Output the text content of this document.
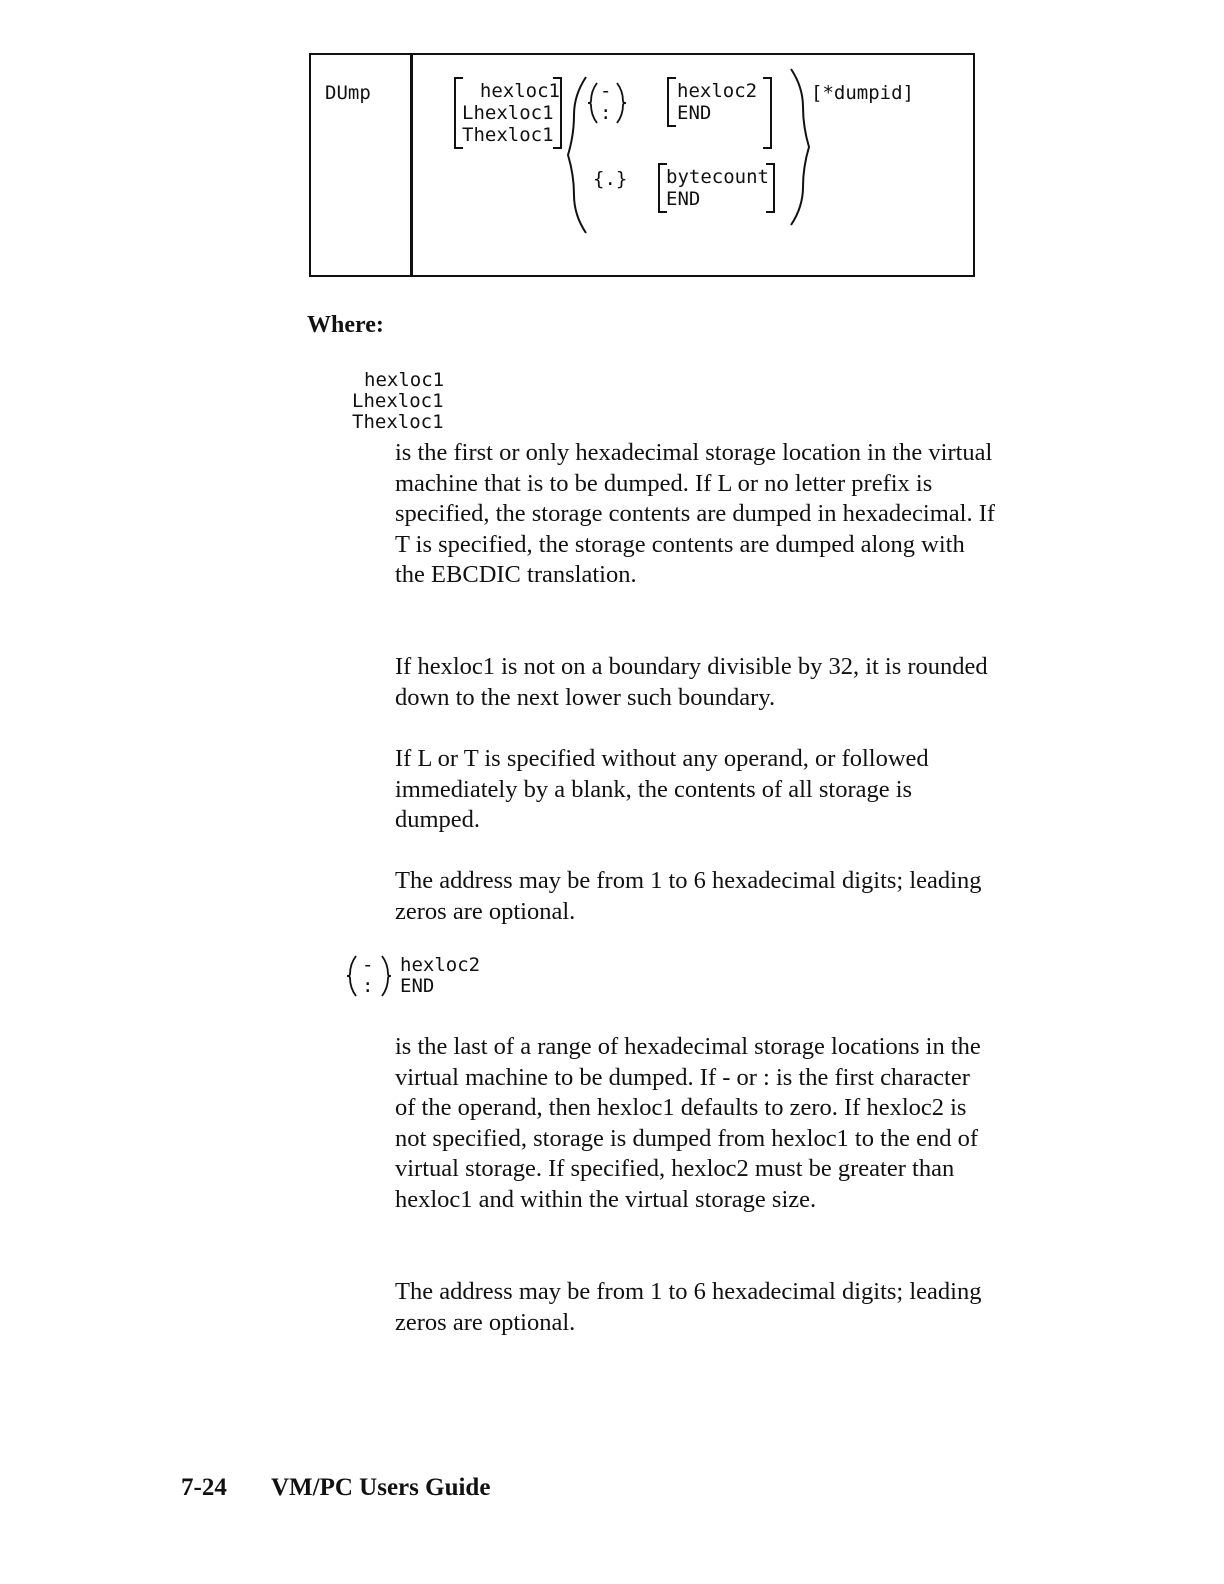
DUmp	hexloc1
Lhexloc1
Thexloc1
-
:
hexloc2
END
{.} bytecount
END
[*dumpid]
Where:
hexloc1
Lhexloc1
Thexloc1

is the first or only hexadecimal storage location in the virtual machine that is to be dumped. If L or no letter prefix is specified, the storage contents are dumped in hexadecimal. If T is specified, the storage contents are dumped along with the EBCDIC translation.

If hexloc1 is not on a boundary divisible by 32, it is rounded down to the next lower such boundary.

If L or T is specified without any operand, or followed immediately by a blank, the contents of all storage is dumped.

The address may be from 1 to 6 hexadecimal digits; leading zeros are optional.

-
:
hexloc2
END

is the last of a range of hexadecimal storage locations in the virtual machine to be dumped. If - or : is the first character of the operand, then hexloc1 defaults to zero. If hexloc2 is not specified, storage is dumped from hexloc1 to the end of virtual storage. If specified, hexloc2 must be greater than hexloc1 and within the virtual storage size.

The address may be from 1 to 6 hexadecimal digits; leading zeros are optional.

7-24 VM/PC Users Guide
